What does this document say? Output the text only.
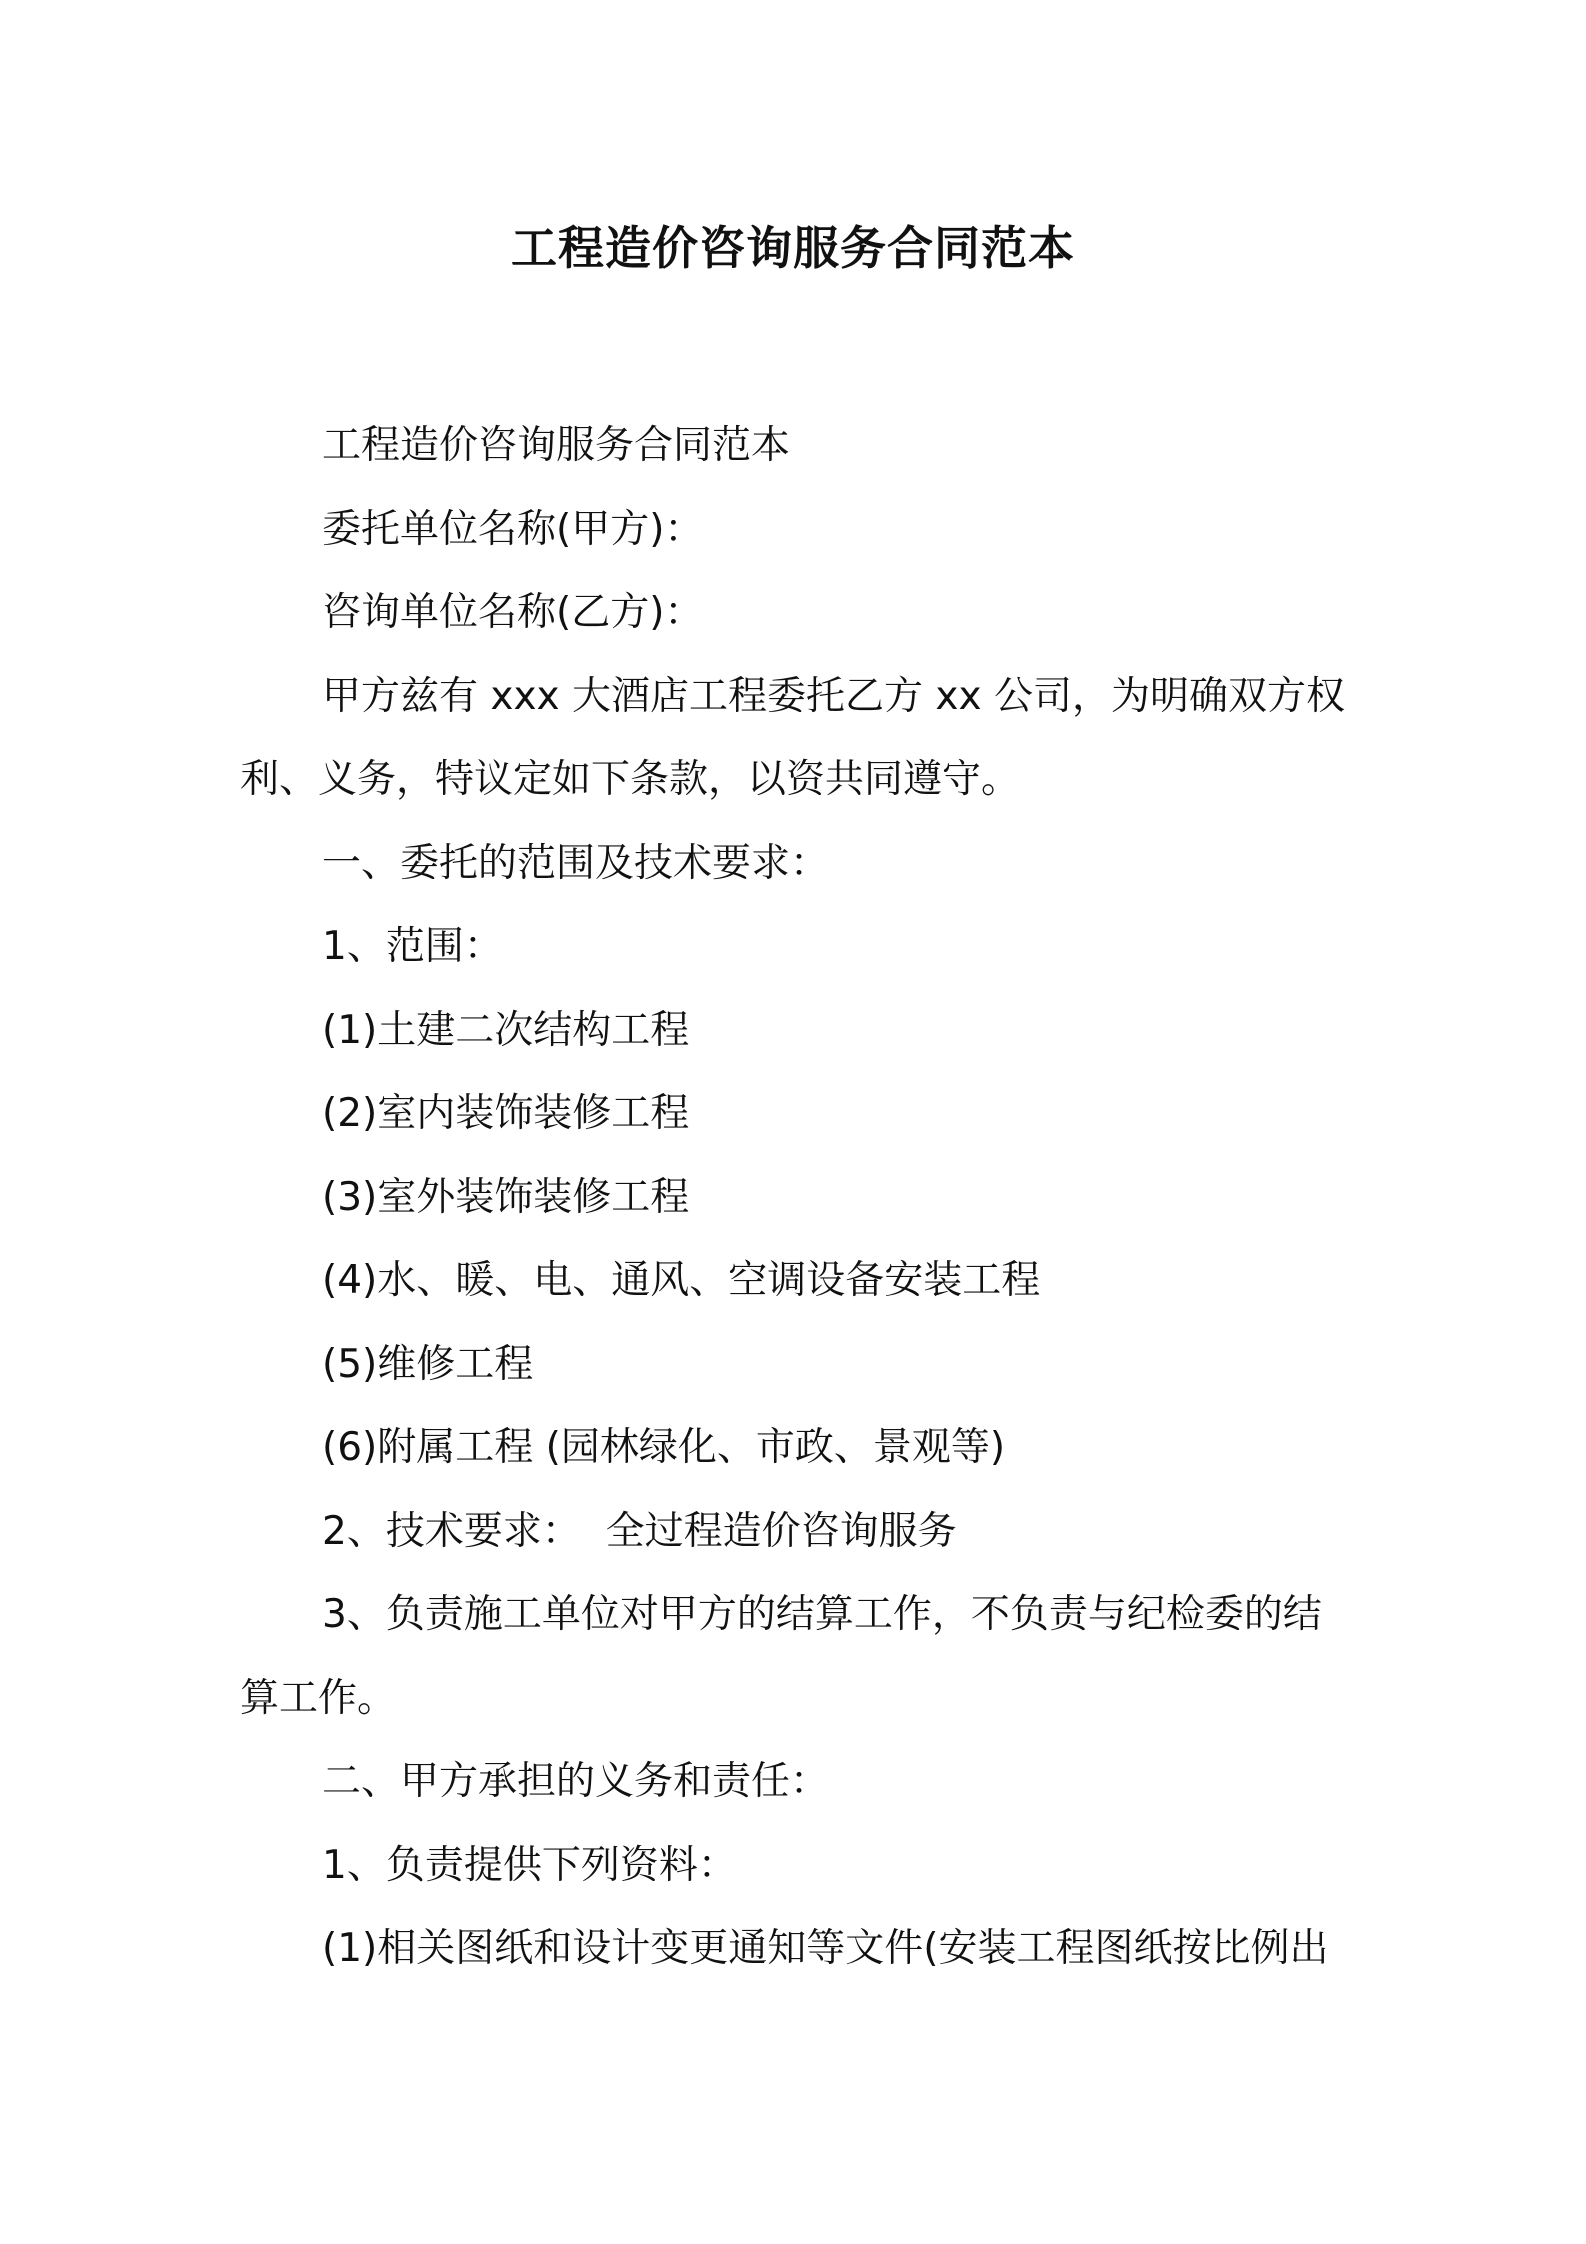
工程造价咨询服务合同范本

工程造价咨询服务合同范本

委托单位名称(甲方)：

咨询单位名称(乙方)：

甲方兹有 xxx 大酒店工程委托乙方 xx 公司，为明确双方权利、义务，特议定如下条款，以资共同遵守。

一、委托的范围及技术要求：

1、范围：

(1)土建二次结构工程

(2)室内装饰装修工程

(3)室外装饰装修工程

(4)水、暖、电、通风、空调设备安装工程

(5)维修工程

(6)附属工程 (园林绿化、市政、景观等)

2、技术要求：  全过程造价咨询服务

3、负责施工单位对甲方的结算工作，不负责与纪检委的结算工作。

二、甲方承担的义务和责任：

1、负责提供下列资料：

(1)相关图纸和设计变更通知等文件(安装工程图纸按比例出
